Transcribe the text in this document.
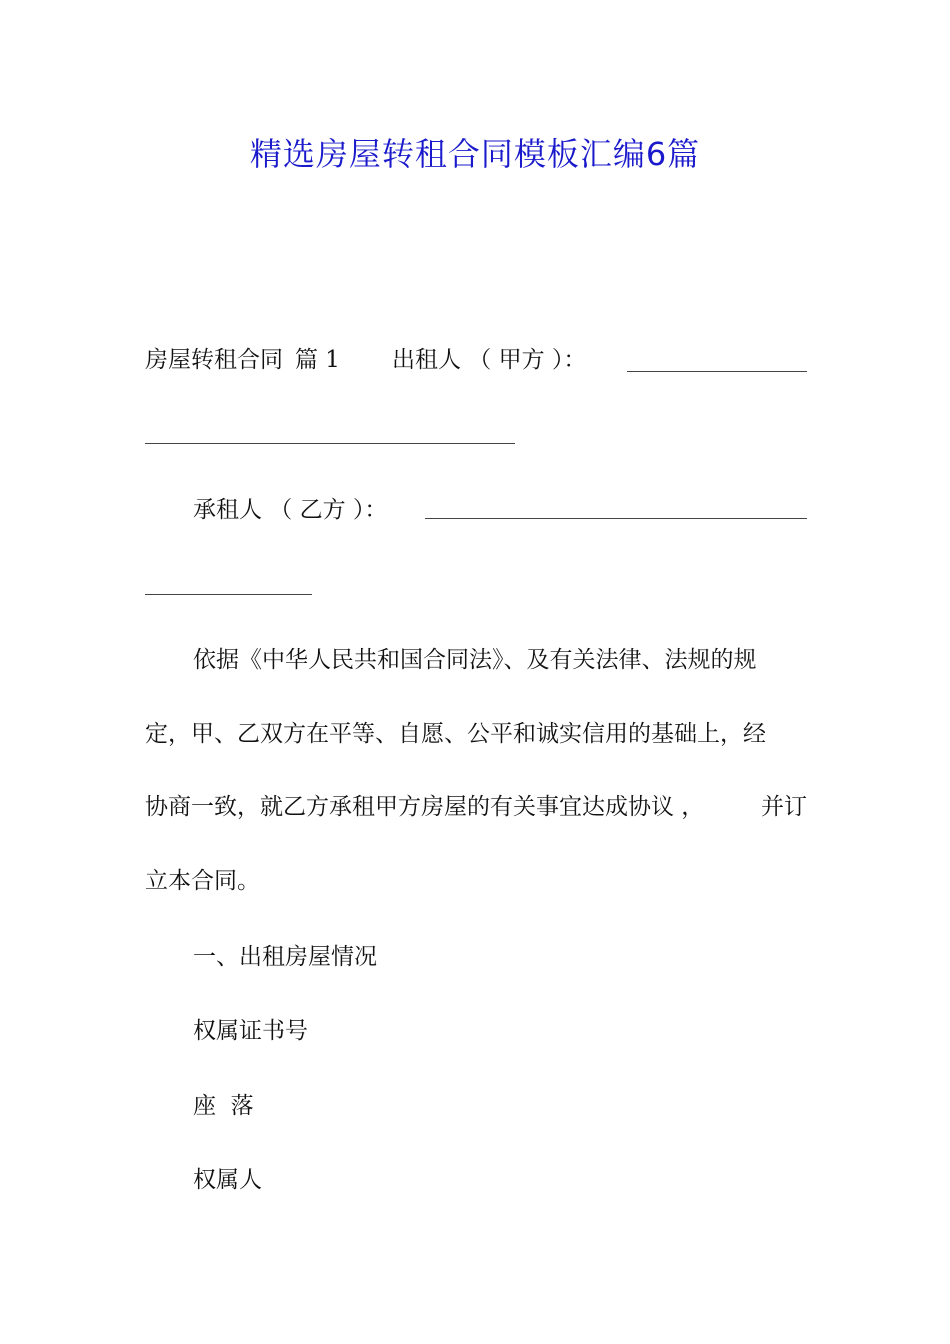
精选房屋转租合同模板汇编6篇
房屋转租合同 篇 1 出租人 （ 甲方 ）：
承租人 （ 乙方 ）：
依据《中华人民共和国合同法》、及有关法律、法规的规
定，甲、乙双方在平等、自愿、公平和诚实信用的基础上，经
协商一致，就乙方承租甲方房屋的有关事宜达成协议 ， 并订
立本合同。
一、出租房屋情况
权属证书号
座  落
权属人
